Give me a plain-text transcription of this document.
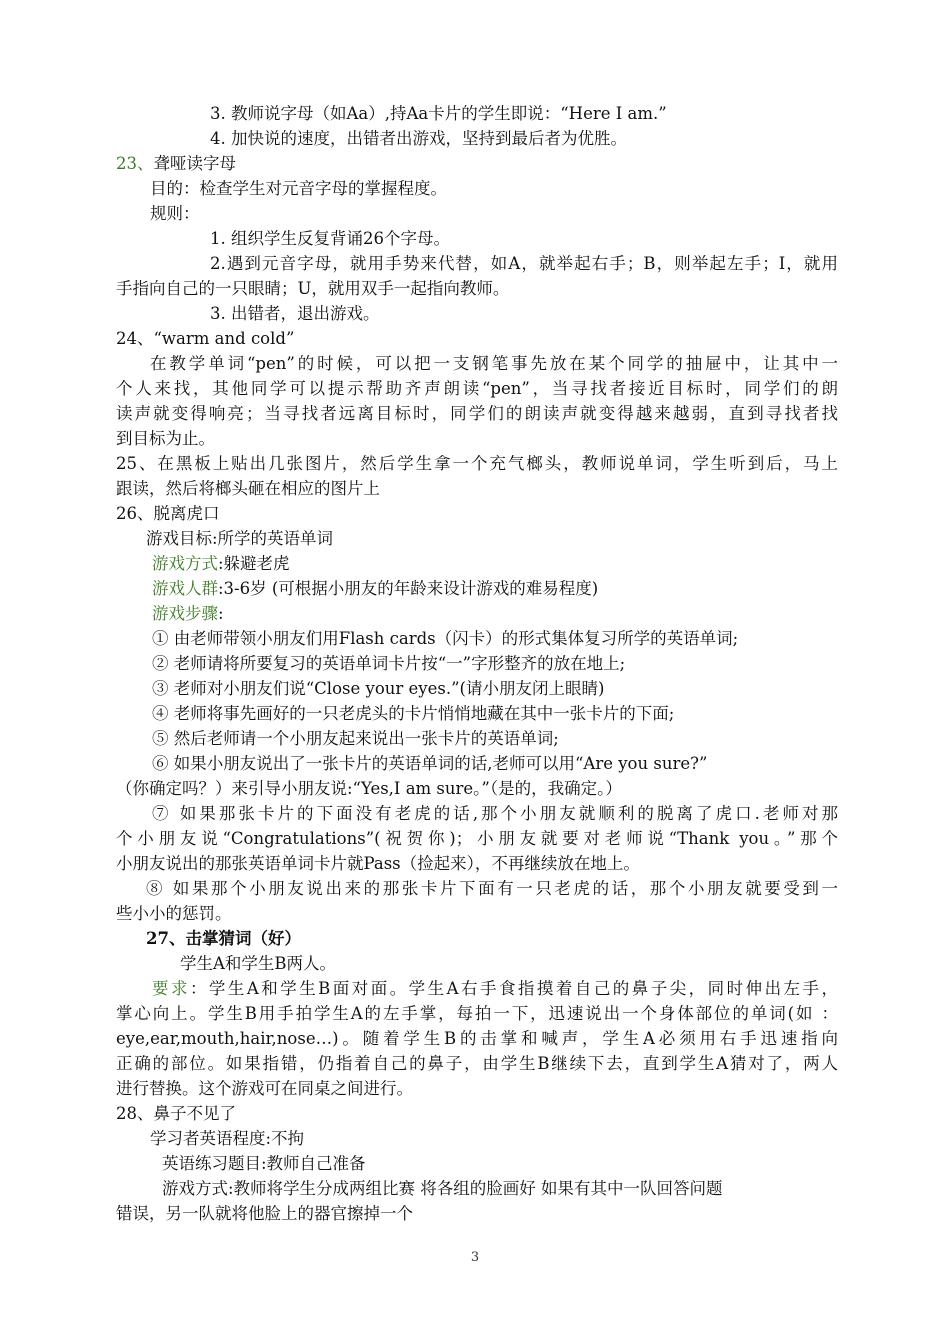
3
3. 教师说字母（如Aa）,持Aa卡片的学生即说：“Here I am.”
4. 加快说的速度，出错者出游戏，坚持到最后者为优胜。
23、聋哑读字母
目的：检查学生对元音字母的掌握程度。
规则：
1. 组织学生反复背诵26个字母。
2.遇到元音字母，就用手势来代替，如A，就举起右手；B，则举起左手；I，就用
手指向自己的一只眼睛；U，就用双手一起指向教师。
3. 出错者，退出游戏。
24、“warm and cold”
在教学单词“pen”的时候，可以把一支钢笔事先放在某个同学的抽屉中，让其中一
个人来找，其他同学可以提示帮助齐声朗读“pen”，当寻找者接近目标时，同学们的朗
读声就变得响亮；当寻找者远离目标时，同学们的朗读声就变得越来越弱，直到寻找者找
到目标为止。
25、在黑板上贴出几张图片，然后学生拿一个充气榔头，教师说单词，学生听到后，马上
跟读，然后将榔头砸在相应的图片上
26、脱离虎口
游戏目标:所学的英语单词
游戏方式:躲避老虎
游戏人群:3-6岁 (可根据小朋友的年龄来设计游戏的难易程度)
游戏步骤:
① 由老师带领小朋友们用Flash cards（闪卡）的形式集体复习所学的英语单词;
② 老师请将所要复习的英语单词卡片按“一”字形整齐的放在地上;
③ 老师对小朋友们说“Close your eyes.”(请小朋友闭上眼睛)
④ 老师将事先画好的一只老虎头的卡片悄悄地藏在其中一张卡片的下面;
⑤ 然后老师请一个小朋友起来说出一张卡片的英语单词;
⑥ 如果小朋友说出了一张卡片的英语单词的话,老师可以用“Are you sure?”
（你确定吗？）来引导小朋友说:“Yes,I am sure。”（是的，我确定。）
⑦ 如果那张卡片的下面没有老虎的话,那个小朋友就顺利的脱离了虎口.老师对那
个小朋友说“Congratulations”(祝贺你)；小朋友就要对老师说“Thank you。”那个
小朋友说出的那张英语单词卡片就Pass（捡起来），不再继续放在地上。
⑧ 如果那个小朋友说出来的那张卡片下面有一只老虎的话，那个小朋友就要受到一
些小小的惩罚。
27、击掌猜词（好）
学生A和学生B两人。
要求：学生A和学生B面对面。学生A右手食指摸着自己的鼻子尖，同时伸出左手，
掌心向上。学生B用手拍学生A的左手掌，每拍一下，迅速说出一个身体部位的单词(如 ：
eye,ear,mouth,hair,nose…)。随着学生B的击掌和喊声，学生A必须用右手迅速指向
正确的部位。如果指错，仍指着自己的鼻子，由学生B继续下去，直到学生A猜对了，两人
进行替换。这个游戏可在同桌之间进行。
28、鼻子不见了
学习者英语程度:不拘
英语练习题目:教师自己准备
游戏方式:教师将学生分成两组比赛 将各组的脸画好 如果有其中一队回答问题
错误，另一队就将他脸上的器官擦掉一个
